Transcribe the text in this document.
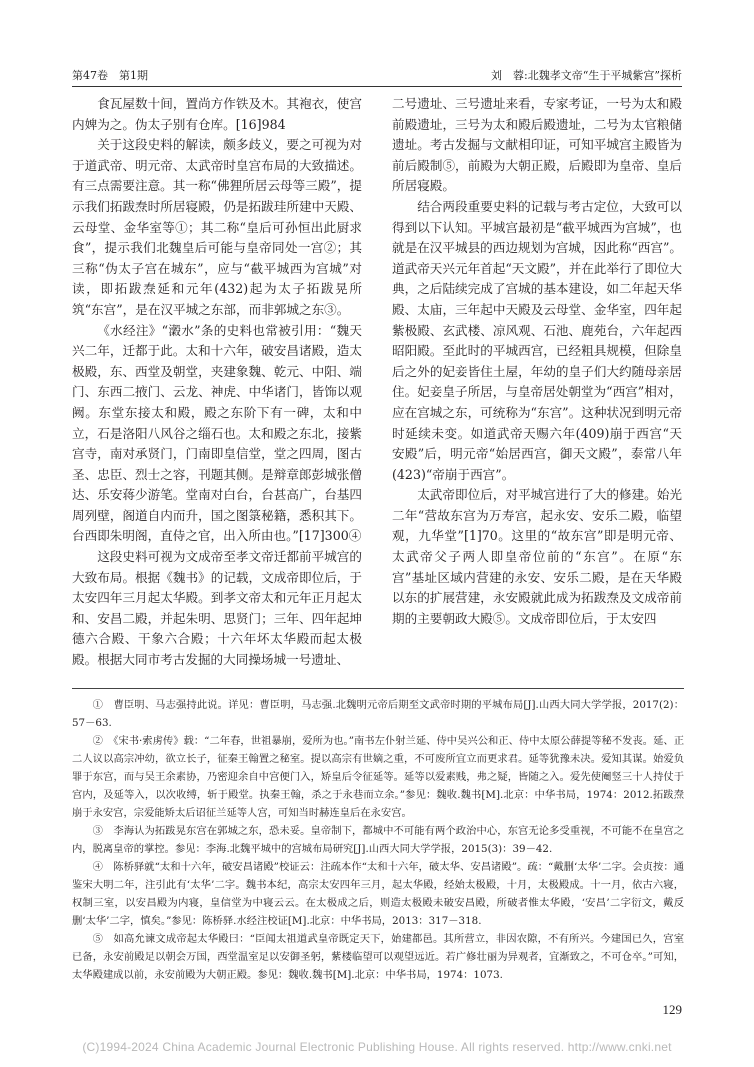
第47卷　第1期	刘　蓉:北魏孝文帝“生于平城紫宫”探析

食瓦屋数十间，置尚方作铁及木。其袍衣，使宫内婢为之。伪太子别有仓库。[16]984

关于这段史料的解读，颇多歧义，要之可视为对于道武帝、明元帝、太武帝时皇宫布局的大致描述。有三点需要注意。其一称“佛狸所居云母等三殿”，提示我们拓跋焘时所居寝殿，仍是拓跋珪所建中天殿、云母堂、金华室等①；其二称“皇后可孙恒出此厨求食”，提示我们北魏皇后可能与皇帝同处一宫②；其三称“伪太子宫在城东”，应与“截平城西为宫城”对读，即拓跋焘延和元年(432)起为太子拓跋晃所筑“东宫”，是在汉平城之东部，而非郭城之东③。

《水经注》“瀔水”条的史料也常被引用：“魏天兴二年，迁都于此。太和十六年，破安昌诸殿，造太极殿，东、西堂及朝堂，夹建象魏、乾元、中阳、端门、东西二掖门、云龙、神虎、中华诸门，皆饰以观阙。东堂东接太和殿，殿之东阶下有一碑，太和中立，石是洛阳八风谷之缁石也。太和殿之东北，接紫宫寺，南对承贤门，门南即皇信堂，堂之四周，图古圣、忠臣、烈士之容，刊题其侧。是辩章郎彭城张僧达、乐安蒋少游笔。堂南对白台，台甚高广，台基四周列壁，阁道自内而升，国之图箓秘籍，悉积其下。台西即朱明阁，直侍之官，出入所由也。”[17]300④

这段史料可视为文成帝至孝文帝迁都前平城宫的大致布局。根据《魏书》的记载，文成帝即位后，于太安四年三月起太华殿。到孝文帝太和元年正月起太和、安昌二殿，并起朱明、思贤门；三年、四年起坤德六合殿、干象六合殿；十六年坏太华殿而起太极殿。根据大同市考古发掘的大同操场城一号遗址、

二号遗址、三号遗址来看，专家考证，一号为太和殿前殿遗址，三号为太和殿后殿遗址，二号为太官粮储遗址。考古发掘与文献相印证，可知平城宫主殿皆为前后殿制⑤，前殿为大朝正殿，后殿即为皇帝、皇后所居寝殿。

结合两段重要史料的记载与考古定位，大致可以得到以下认知。平城宫最初是“截平城西为宫城”，也就是在汉平城县的西边规划为宫城，因此称“西宫”。道武帝天兴元年首起“天文殿”，并在此举行了即位大典，之后陆续完成了宫城的基本建设，如二年起天华殿、太庙，三年起中天殿及云母堂、金华室，四年起紫极殿、玄武楼、凉风观、石池、鹿苑台，六年起西昭阳殿。至此时的平城西宫，已经粗具规模，但除皇后之外的妃妾皆住土屋，年幼的皇子们大约随母亲居住。妃妾皇子所居，与皇帝居处朝堂为“西宫”相对，应在宫城之东，可统称为“东宫”。这种状况到明元帝时延续未变。如道武帝天赐六年(409)崩于西宫“天安殿”后，明元帝“始居西宫，御天文殿”，泰常八年(423)“帝崩于西宫”。

太武帝即位后，对平城宫进行了大的修建。始光二年“营故东宫为万寿宫，起永安、安乐二殿，临望观，九华堂”[1]70。这里的“故东宫”即是明元帝、太武帝父子两人即皇帝位前的“东宫”。在原“东宫”基址区域内营建的永安、安乐二殿，是在天华殿以东的扩展营建，永安殿就此成为拓跋焘及文成帝前期的主要朝政大殿⑤。文成帝即位后，于太安四

①　曹臣明、马志强持此说。详见：曹臣明，马志强.北魏明元帝后期至文武帝时期的平城布局[J].山西大同大学学报，2017(2)：57－63.

②　《宋书·索虏传》载：“二年春，世祖暴崩，爱所为也。”南书左仆射兰延、侍中吴兴公和正、侍中太原公薛提等秘不发丧。延、正二人议以高宗冲幼，欲立长子，征秦王翰置之秘室。提以高宗有世嫡之重，不可废所宜立而更求君。延等犹豫未决。爱知其谋。始爱负罪于东宫，而与吴王余素协，乃密迎余自中宫便门入，矫皇后令征延等。延等以爱素贱，弗之疑，皆随之入。爱先使阉竖三十人持仗于宫内，及延等入，以次收缚，斩于殿堂。执秦王翰，杀之于永巷而立余。”参见：魏收.魏书[M].北京：中华书局，1974：2012.拓跋焘崩于永安宫，宗爱能矫太后诏征兰延等人宫，可知当时赫连皇后在永安宫。

③　李海认为拓跋晃东宫在郭城之东，恐未妥。皇帝制下，都城中不可能有两个政治中心，东宫无论多受重视，不可能不在皇宫之内，脱离皇帝的掌控。参见：李海.北魏平城中的宫城布局研究[J].山西大同大学学报，2015(3)：39－42.

④　陈桥驿就“太和十六年，破安昌诸殿”校证云：注疏本作“太和十六年，破太华、安昌诸殿”。疏：“戴删‘太华’二字。会贞按：通鉴宋大明二年，注引此有‘太华’二字。魏书本纪，高宗太安四年三月，起太华殿，经始太极殿，十月，太极殿成。十一月，依古六寝，权制三室，以安昌殿为内寝，皇信堂为中寝云云。在太极成之后，则造太极殿未破安昌殿，所破者惟太华殿，‘安昌’二字衍文，戴反删‘太华’二字，慎矣。”参见：陈桥驿.水经注校证[M].北京：中华书局，2013：317－318.

⑤　如高允谏文成帝起太华殿曰：“臣闻太祖道武皇帝既定天下，始建都邑。其所营立，非因农隙，不有所兴。今建国已久，宫室已备，永安前殿足以朝会万国，西堂温室足以安御圣躬，紫楼临望可以观望远近。若广修壮丽为异观者，宜渐致之，不可仓卒。”可知，太华殿建成以前，永安前殿为大朝正殿。参见：魏收.魏书[M].北京：中华书局，1974：1073.

129
(C)1994-2024 China Academic Journal Electronic Publishing House. All rights reserved. http://www.cnki.net
